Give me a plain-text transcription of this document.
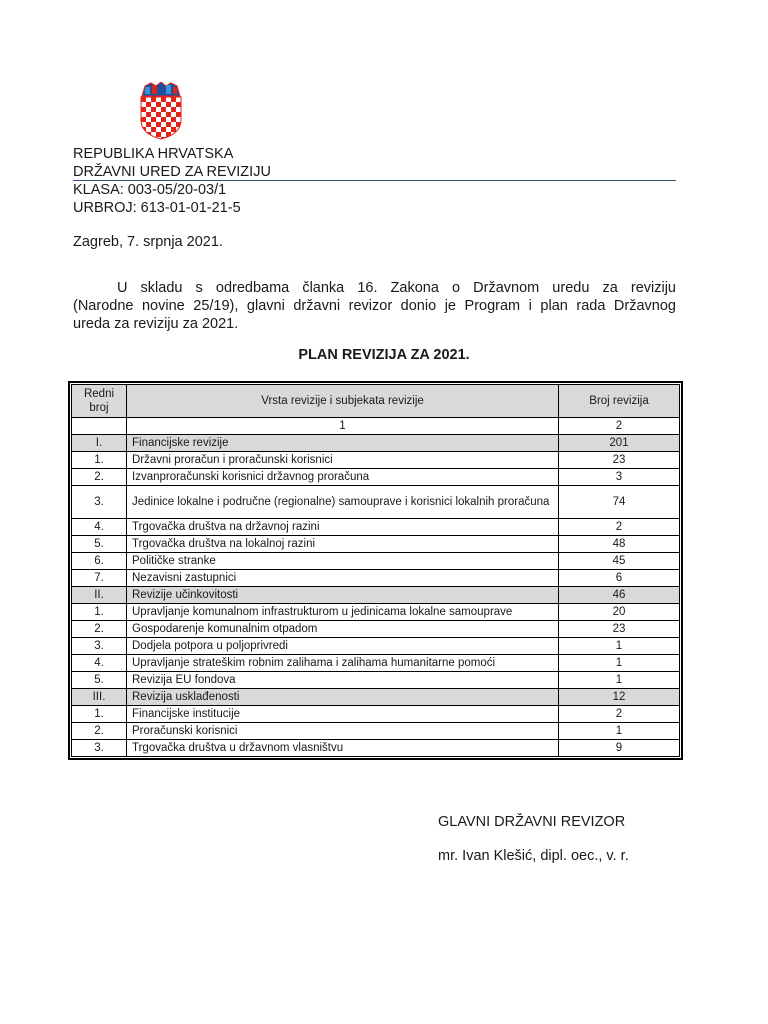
REPUBLIKA HRVATSKA
DRŽAVNI URED ZA REVIZIJU
KLASA: 003-05/20-03/1
URBROJ: 613-01-01-21-5
Zagreb, 7. srpnja 2021.
U skladu s odredbama članka 16. Zakona o Državnom uredu za reviziju
(Narodne novine 25/19), glavni državni revizor donio je Program i plan rada Državnog
ureda za reviziju za 2021.
PLAN REVIZIJA ZA 2021.
Redni broj	Vrsta revizije i subjekata revizije	Broj revizija
	1	2
I.	Financijske revizije	201
1.	Državni proračun i proračunski korisnici	23
2.	Izvanproračunski korisnici državnog proračuna	3
3.	Jedinice lokalne i područne (regionalne) samouprave i korisnici lokalnih proračuna	74
4.	Trgovačka društva na državnoj razini	2
5.	Trgovačka društva na lokalnoj razini	48
6.	Političke stranke	45
7.	Nezavisni zastupnici	6
II.	Revizije učinkovitosti	46
1.	Upravljanje komunalnom infrastrukturom u jedinicama lokalne samouprave	20
2.	Gospodarenje komunalnim otpadom	23
3.	Dodjela potpora u poljoprivredi	1
4.	Upravljanje strateškim robnim zalihama i zalihama humanitarne pomoći	1
5.	Revizija EU fondova	1
III.	Revizija usklađenosti	12
1.	Financijske institucije	2
2.	Proračunski korisnici	1
3.	Trgovačka društva u državnom vlasništvu	9
GLAVNI DRŽAVNI REVIZOR
mr. Ivan Klešić, dipl. oec., v. r.
